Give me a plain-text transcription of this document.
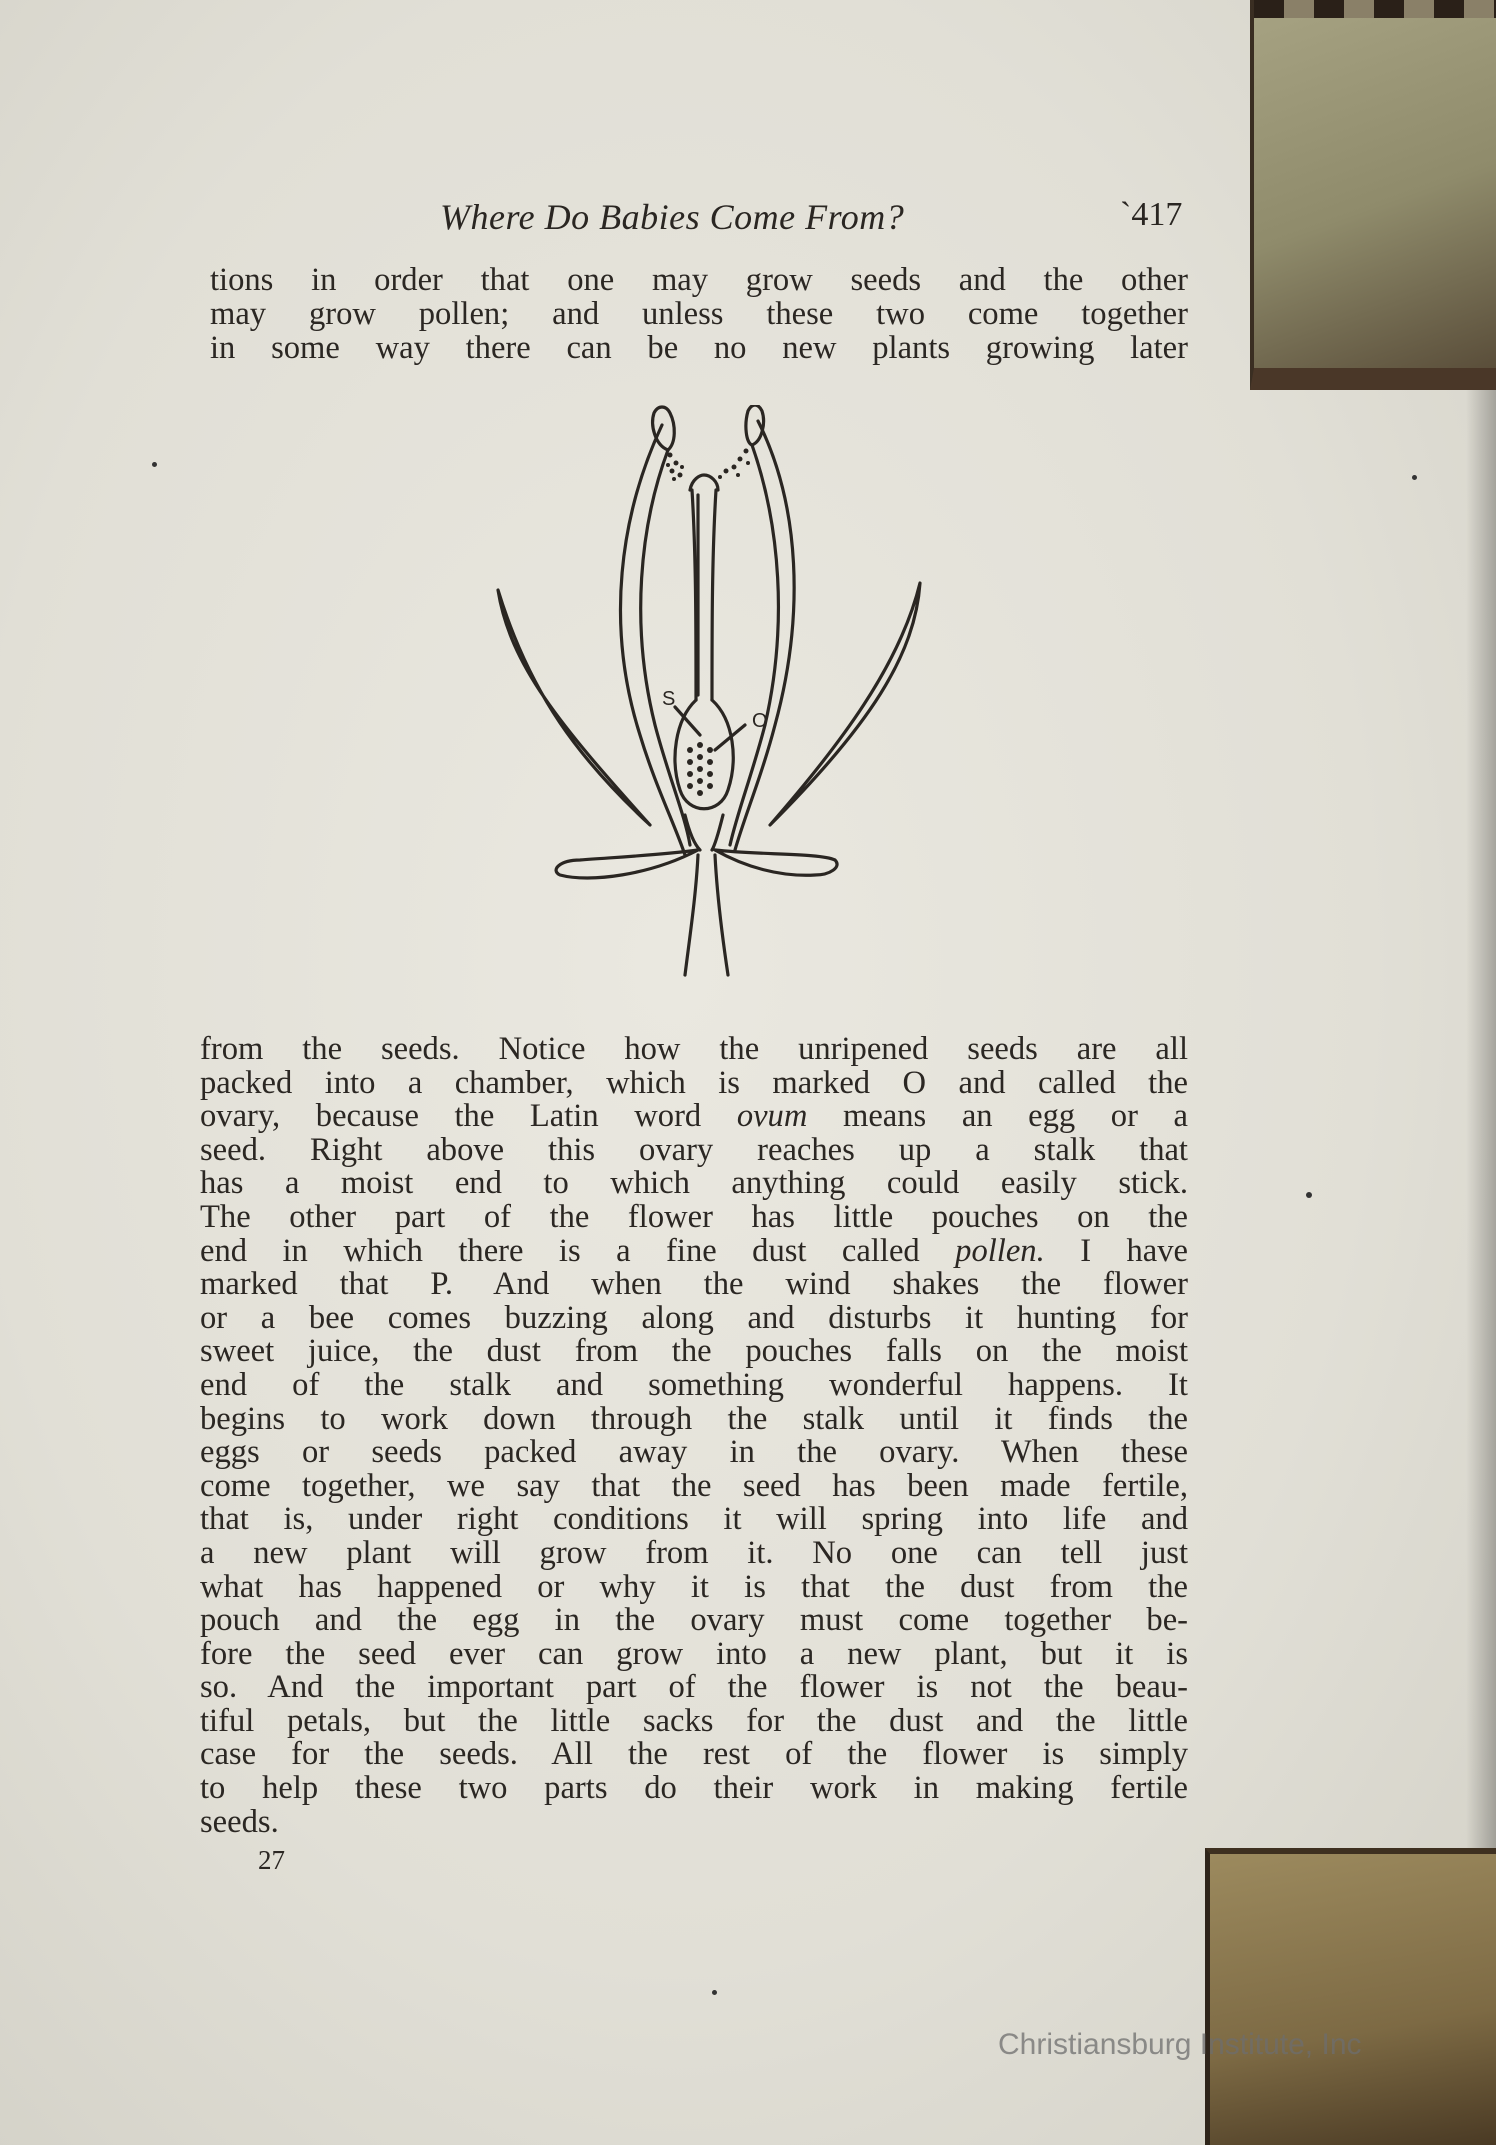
Where Do Babies Come From?	`417
tions in order that one may grow seeds and the other
may grow pollen; and unless these two come together
in some way there can be no new plants growing later
S
O
from the seeds. Notice how the unripened seeds are all
packed into a chamber, which is marked O and called the
ovary, because the Latin word ovum means an egg or a
seed. Right above this ovary reaches up a stalk that
has a moist end to which anything could easily stick.
The other part of the flower has little pouches on the
end in which there is a fine dust called pollen. I have
marked that P. And when the wind shakes the flower
or a bee comes buzzing along and disturbs it hunting for
sweet juice, the dust from the pouches falls on the moist
end of the stalk and something wonderful happens. It
begins to work down through the stalk until it finds the
eggs or seeds packed away in the ovary. When these
come together, we say that the seed has been made fertile,
that is, under right conditions it will spring into life and
a new plant will grow from it. No one can tell just
what has happened or why it is that the dust from the
pouch and the egg in the ovary must come together be-
fore the seed ever can grow into a new plant, but it is
so. And the important part of the flower is not the beau-
tiful petals, but the little sacks for the dust and the little
case for the seeds. All the rest of the flower is simply
to help these two parts do their work in making fertile
seeds.
27
Christiansburg Institute, Inc
